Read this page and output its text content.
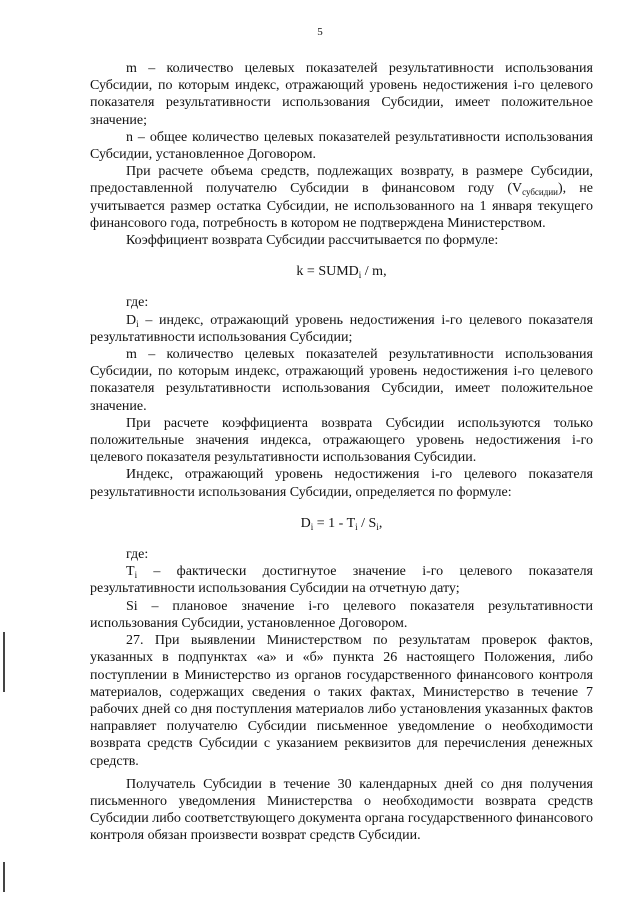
5

m – количество целевых показателей результативности использования Субсидии, по которым индекс, отражающий уровень недостижения i-го целевого показателя результативности использования Субсидии, имеет положительное значение;

n – общее количество целевых показателей результативности использования Субсидии, установленное Договором.

При расчете объема средств, подлежащих возврату, в размере Субсидии, предоставленной получателю Субсидии в финансовом году $(V_{субсидии})$, не учитывается размер остатка Субсидии, не использованного на 1 января текущего финансового года, потребность в котором не подтверждена Министерством.

Коэффициент возврата Субсидии рассчитывается по формуле:

$k = SUMD_i / m$,

где:

$D_i$ – индекс, отражающий уровень недостижения i-го целевого показателя результативности использования Субсидии;

m – количество целевых показателей результативности использования Субсидии, по которым индекс, отражающий уровень недостижения i-го целевого показателя результативности использования Субсидии, имеет положительное значение.

При расчете коэффициента возврата Субсидии используются только положительные значения индекса, отражающего уровень недостижения i-го целевого показателя результативности использования Субсидии.

Индекс, отражающий уровень недостижения i-го целевого показателя результативности использования Субсидии, определяется по формуле:

$D_i = 1 - T_i / S_i$,

где:

$T_i$ – фактически достигнутое значение i-го целевого показателя результативности использования Субсидии на отчетную дату;

Si – плановое значение i-го целевого показателя результативности использования Субсидии, установленное Договором.

27. При выявлении Министерством по результатам проверок фактов, указанных в подпунктах «а» и «б» пункта 26 настоящего Положения, либо поступлении в Министерство из органов государственного финансового контроля материалов, содержащих сведения о таких фактах, Министерство в течение 7 рабочих дней со дня поступления материалов либо установления указанных фактов направляет получателю Субсидии письменное уведомление о необходимости возврата средств Субсидии с указанием реквизитов для перечисления денежных средств.

Получатель Субсидии в течение 30 календарных дней со дня получения письменного уведомления Министерства о необходимости возврата средств Субсидии либо соответствующего документа органа государственного финансового контроля обязан произвести возврат средств Субсидии.
